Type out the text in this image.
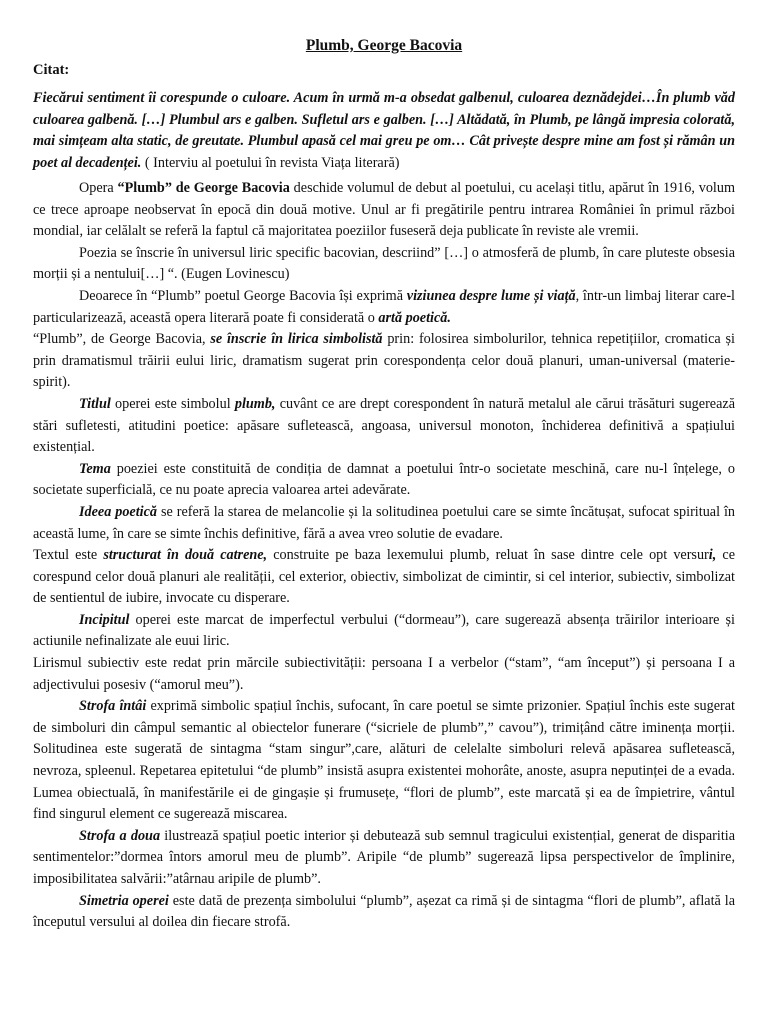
Plumb, George Bacovia
Citat:
Fiecărui sentiment îi corespunde o culoare. Acum în urmă m-a obsedat galbenul, culoarea deznădejdei…În plumb văd culoarea galbenă. […] Plumbul ars e galben. Sufletul ars e galben. […] Altădată, în Plumb, pe lângă impresia colorată, mai simțeam alta static, de greutate. Plumbul apasă cel mai greu pe om… Cât privește despre mine am fost și rămân un poet al decadenței. ( Interviu al poetului în revista Viața literară)

Opera “Plumb” de George Bacovia deschide volumul de debut al poetului, cu același titlu, apărut în 1916, volum ce trece aproape neobservat în epocă din două motive. Unul ar fi pregătirile pentru intrarea României în primul război mondial, iar celălalt se referă la faptul că majoritatea poeziilor fuseseră deja publicate în reviste ale vremii.

Poezia se înscrie în universul liric specific bacovian, descriind” […] o atmosferă de plumb, în care pluteste obsesia morții și a nentului[…] “. (Eugen Lovinescu)

Deoarece în “Plumb” poetul George Bacovia își exprimă viziunea despre lume și viață, într-un limbaj literar care-l particularizează, această opera literară poate fi considerată o artă poetică.

“Plumb”, de George Bacovia, se înscrie în lirica simbolistă prin: folosirea simbolurilor, tehnica repetițiilor, cromatica și prin dramatismul trăirii eului liric, dramatism sugerat prin corespondența celor două planuri, uman-universal (materie-spirit).

Titlul operei este simbolul plumb, cuvânt ce are drept corespondent în natură metalul ale cărui trăsături sugerează stări sufletesti, atitudini poetice: apăsare sufletească, angoasa, universul monoton, închiderea definitivă a spațiului existențial.

Tema poeziei este constituită de condiția de damnat a poetului într-o societate meschină, care nu-l înțelege, o societate superficială, ce nu poate aprecia valoarea artei adevărate.

Ideea poetică se referă la starea de melancolie și la solitudinea poetului care se simte încătușat, sufocat spiritual în această lume, în care se simte închis definitive, fără a avea vreo solutie de evadare.

Textul este structurat în două catrene, construite pe baza lexemului plumb, reluat în sase dintre cele opt versuri, ce corespund celor două planuri ale realității, cel exterior, obiectiv, simbolizat de cimintir, si cel interior, subiectiv, simbolizat de sentientul de iubire, invocate cu disperare.

Incipitul operei este marcat de imperfectul verbului (“dormeau”), care sugerează absența trăirilor interioare și actiunile nefinalizate ale euui liric.

Lirismul subiectiv este redat prin mărcile subiectivității: persoana I a verbelor (“stam”, “am început”) și persoana I a adjectivului posesiv (“amorul meu”).

Strofa întâi exprimă simbolic spațiul închis, sufocant, în care poetul se simte prizonier. Spațiul închis este sugerat de simboluri din câmpul semantic al obiectelor funerare (“sicriele de plumb”,” cavou”), trimițând către iminența morții. Solitudinea este sugerată de sintagma “stam singur”,care, alături de celelalte simboluri relevă apăsarea sufletească, nevroza, spleenul. Repetarea epitetului “de plumb” insistă asupra existentei mohorâte, anoste, asupra neputinței de a evada. Lumea obiectuală, în manifestările ei de gingașie și frumusețe, “flori de plumb”, este marcată și ea de împietrire, vântul find singurul element ce sugerează miscarea.

Strofa a doua ilustrează spațiul poetic interior și debutează sub semnul tragicului existențial, generat de disparitia sentimentelor:”dormea întors amorul meu de plumb”. Aripile “de plumb” sugerează lipsa perspectivelor de împlinire, imposibilitatea salvării:”atârnau aripile de plumb”.

Simetria operei este dată de prezența simbolului “plumb”, așezat ca rimă și de sintagma “flori de plumb”, aflată la începutul versului al doilea din fiecare strofă.
